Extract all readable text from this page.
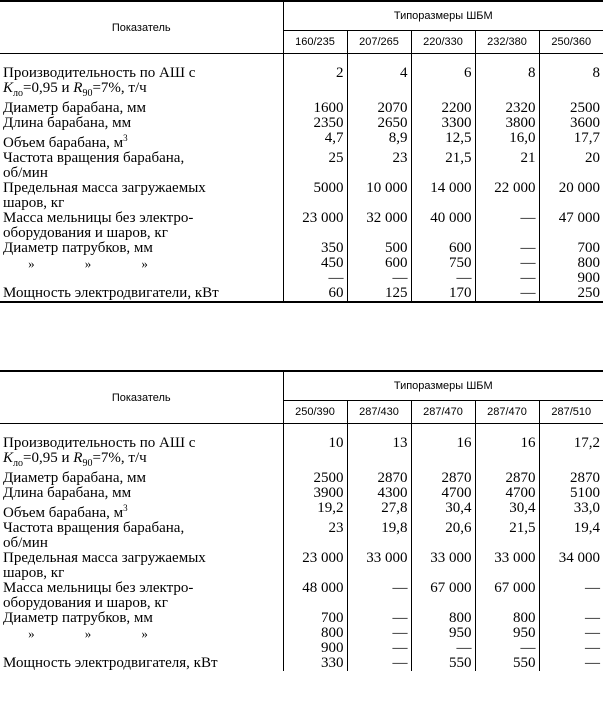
Показатель	Типоразмеры ШБМ				
	160/235	207/265	220/330	232/380	250/360

Производительность по АШ с
$K_{ло}=0,95$ и $R_{90}=7\%$, т/ч	2	4	6	8	8
Диаметр барабана, мм	1600	2070	2200	2320	2500
Длина барабана, мм	2350	2650	3300	3800	3600
Объем барабана, $м^3$	4,7	8,9	12,5	16,0	17,7
Частота вращения барабана,
об/мин	25	23	21,5	21	20
Предельная масса загружаемых
шаров, кг	5000	10 000	14 000	22 000	20 000
Масса мельницы без электро-
оборудования и шаров, кг	23 000	32 000	40 000	—	47 000
Диаметр патрубков, мм	350	500	600	—	700

» » »	450	600	750	—	800
	—	—	—	—	900
Мощность электродвигатели, кВт	60	125	170	—	250
Показатель	Типоразмеры ШБМ				
	250/390	287/430	287/470	287/470	287/510

Производительность по АШ с
$K_{ло}=0,95$ и $R_{90}=7\%$, т/ч	10	13	16	16	17,2
Диаметр барабана, мм	2500	2870	2870	2870	2870
Длина барабана, мм	3900	4300	4700	4700	5100
Объем барабана, $м^3$	19,2	27,8	30,4	30,4	33,0
Частота вращения барабана,
об/мин	23	19,8	20,6	21,5	19,4
Предельная масса загружаемых
шаров, кг	23 000	33 000	33 000	33 000	34 000
Масса мельницы без электро-
оборудования и шаров, кг	48 000	—	67 000	67 000	—
Диаметр патрубков, мм	700	—	800	800	—

» » »	800	—	950	950	—
	900	—	—	—	—
Мощность электродвигателя, кВт	330	—	550	550	—
